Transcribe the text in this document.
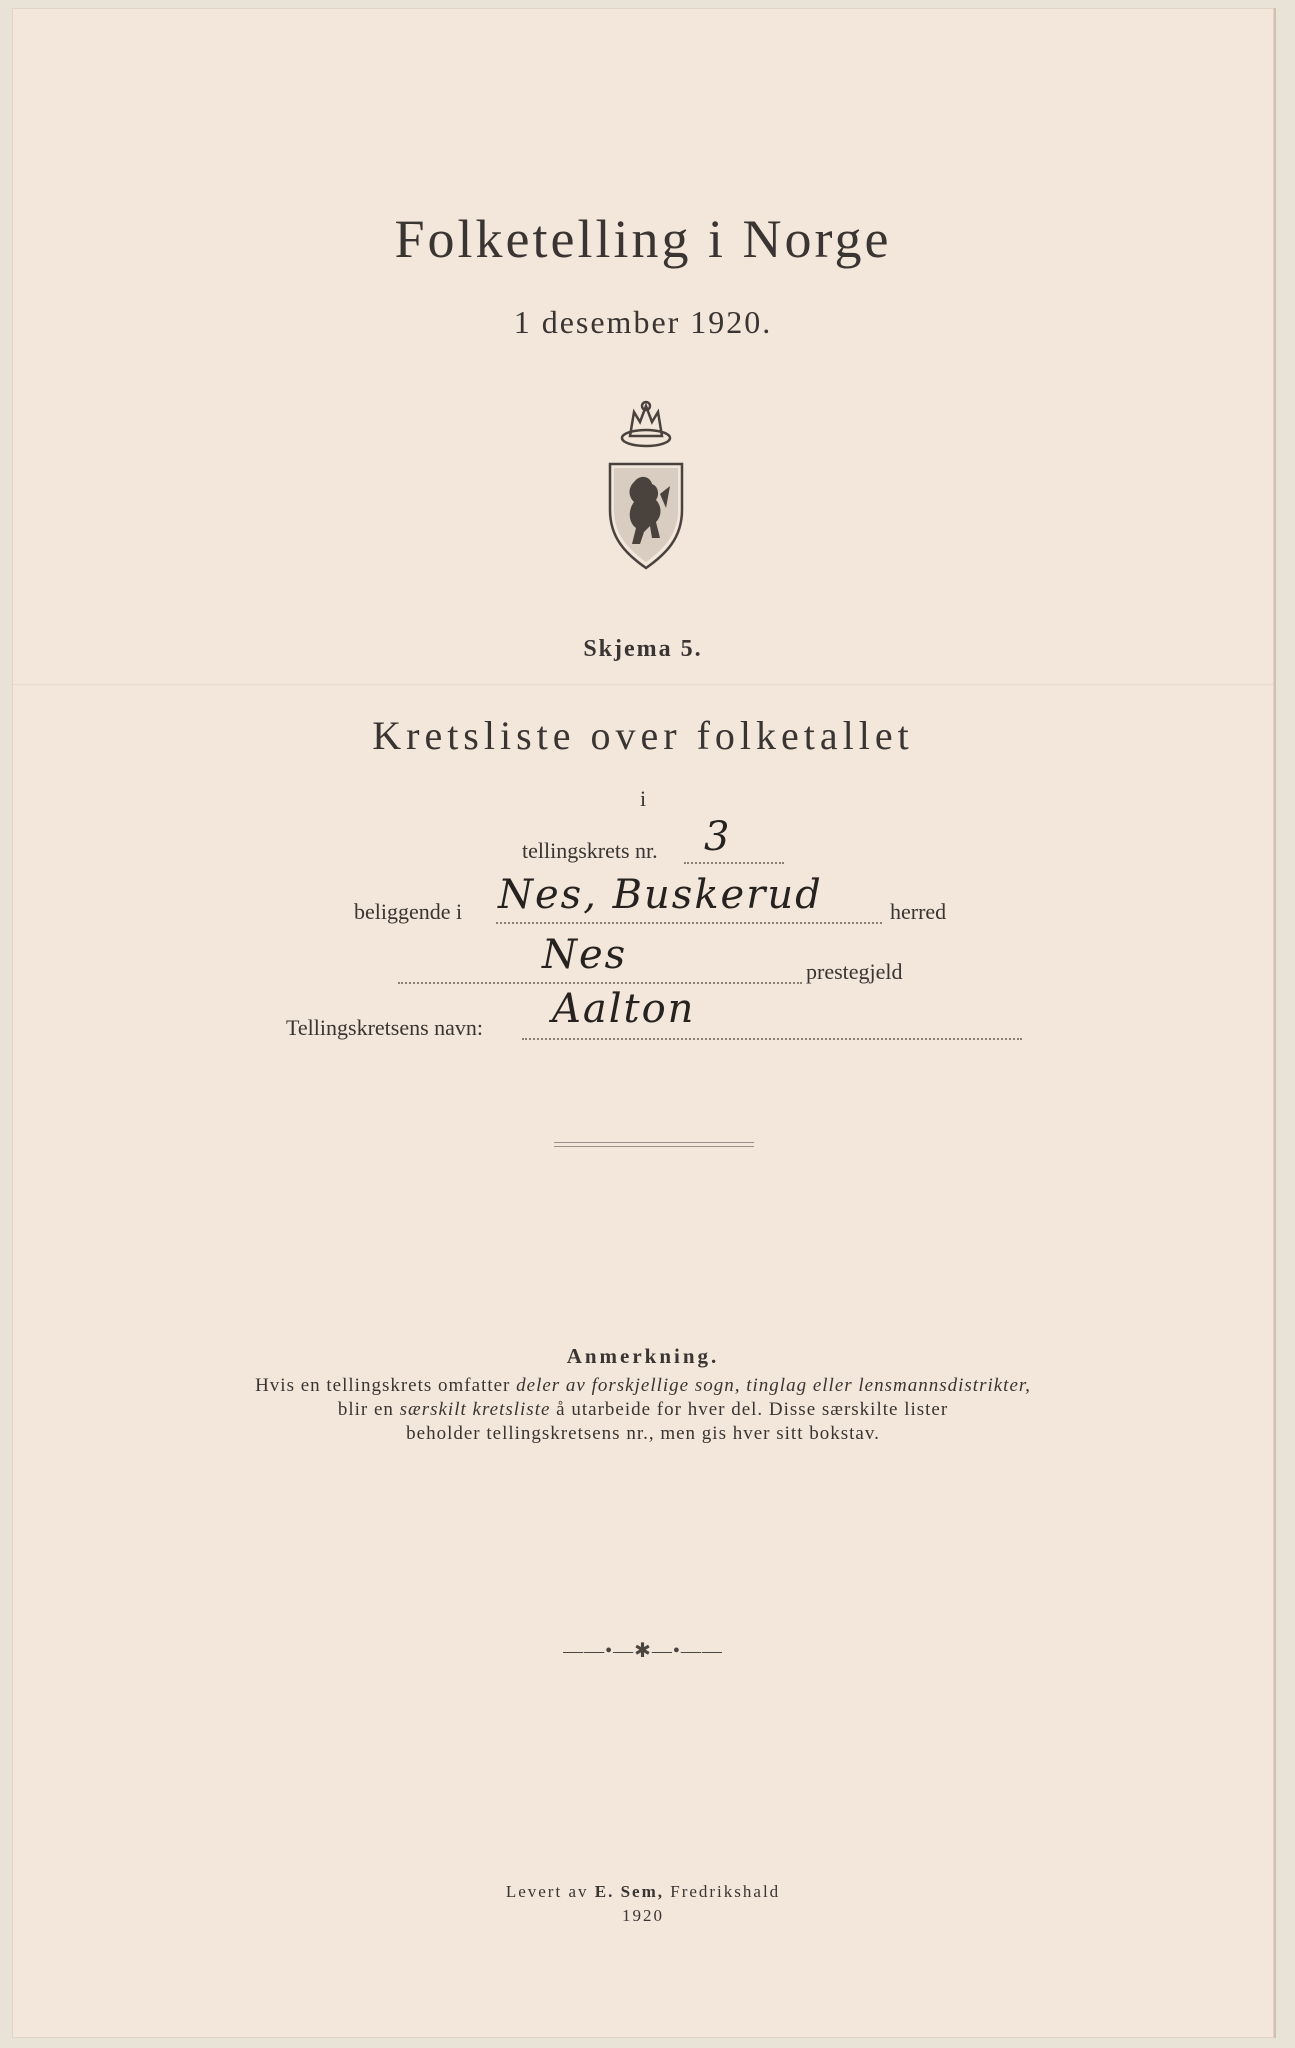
Folketelling i Norge
1 desember 1920.
Skjema 5.
Kretsliste over folketallet
i
tellingskrets nr. 3
beliggende i Nes, Buskerud	herred
Nes	prestegjeld
Tellingskretsens navn: Aalton
Anmerkning.
Hvis en tellingskrets omfatter deler av forskjellige sogn, tinglag eller lensmannsdistrikter,
blir en særskilt kretsliste å utarbeide for hver del. Disse særskilte lister
beholder tellingskretsens nr., men gis hver sitt bokstav.
——•—✱—•——
Levert av E. Sem, Fredrikshald
1920
